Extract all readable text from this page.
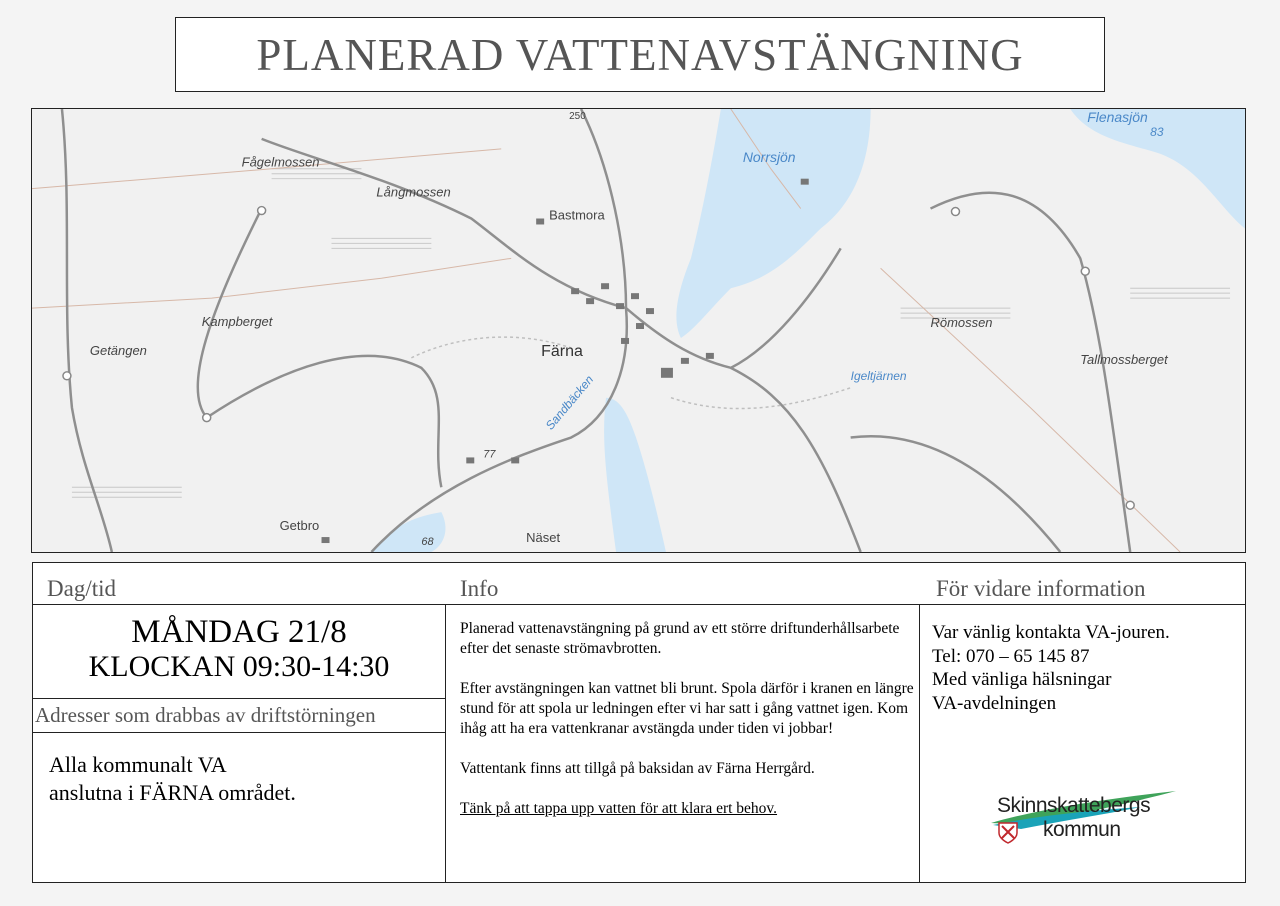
PLANERAD VATTENAVSTÄNGNING
Fågelmossen
Långmossen
Bastmora
Norrsjön
Flenasjön
83
Kampberget
Getängen	Färna
Römossen
Tallmossberget
Igeltjärnen
Sandbäcken
77
Getbro
Näset
68
250
Dag/tid	Info	För vidare information
MÅNDAG 21/8
KLOCKAN 09:30-14:30
Adresser som drabbas av driftstörningen
Alla kommunalt VA
anslutna i FÄRNA området.

Planerad vattenavstängning på grund av ett större driftunderhållsarbete efter det senaste strömavbrotten.

Efter avstängningen kan vattnet bli brunt. Spola därför i kranen en längre stund för att spola ur ledningen efter vi har satt i gång vattnet igen. Kom ihåg att ha era vattenkranar avstängda under tiden vi jobbar!

Vattentank finns att tillgå på baksidan av Färna Herrgård.

Tänk på att tappa upp vatten för att klara ert behov.

Var vänlig kontakta VA-jouren.
Tel: 070 – 65 145 87
Med vänliga hälsningar
VA-avdelningen
Skinnskattebergs
kommun
